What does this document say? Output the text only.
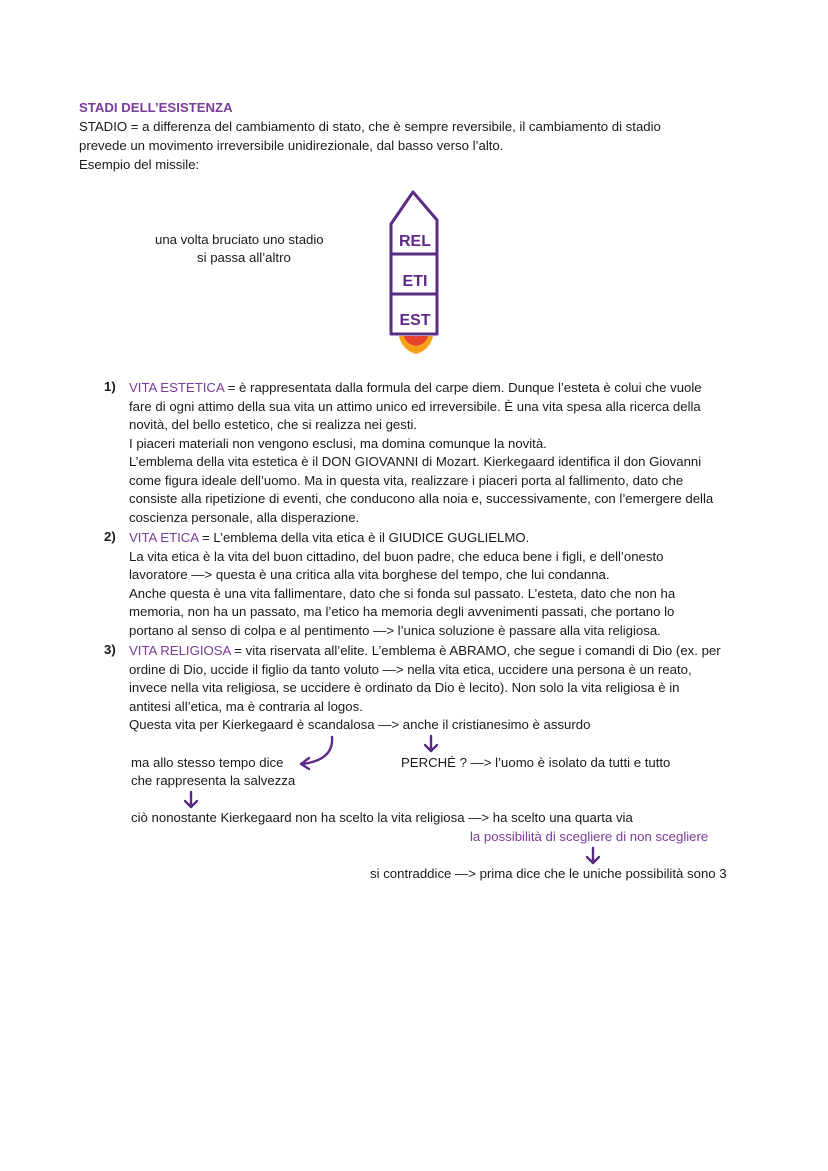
STADI DELL’ESISTENZA
STADIO = a differenza del cambiamento di stato, che è sempre reversibile, il cambiamento di stadio
prevede un movimento irreversibile unidirezionale, dal basso verso l’alto.
Esempio del missile:
una volta bruciato uno stadio
si passa all’altro
REL
ETI
EST
1) VITA ESTETICA = è rappresentata dalla formula del carpe diem. Dunque l’esteta è colui che vuole

fare di ogni attimo della sua vita un attimo unico ed irreversibile. È una vita spesa alla ricerca della

novità, del bello estetico, che si realizza nei gesti.

I piaceri materiali non vengono esclusi, ma domina comunque la novità.

L’emblema della vita estetica è il DON GIOVANNI di Mozart. Kierkegaard identifica il don Giovanni

come figura ideale dell’uomo. Ma in questa vita, realizzare i piaceri porta al fallimento, dato che

consiste alla ripetizione di eventi, che conducono alla noia e, successivamente, con l’emergere della

coscienza personale, alla disperazione.

2) VITA ETICA = L’emblema della vita etica è il GIUDICE GUGLIELMO.

La vita etica è la vita del buon cittadino, del buon padre, che educa bene i figli, e dell’onesto

lavoratore —> questa è una critica alla vita borghese del tempo, che lui condanna.

Anche questa è una vita fallimentare, dato che si fonda sul passato. L’esteta, dato che non ha

memoria, non ha un passato, ma l’etico ha memoria degli avvenimenti passati, che portano lo

portano al senso di colpa e al pentimento —> l’unica soluzione è passare alla vita religiosa.

3) VITA RELIGIOSA = vita riservata all’elite. L’emblema è ABRAMO, che segue i comandi di Dio (ex. per

ordine di Dio, uccide il figlio da tanto voluto —> nella vita etica, uccidere una persona è un reato,

invece nella vita religiosa, se uccidere è ordinato da Dio è lecito). Non solo la vita religiosa è in

antitesi all’etica, ma è contraria al logos.

Questa vita per Kierkegaard è scandalosa —> anche il cristianesimo è assurdo

ma allo stesso tempo dice
che rappresenta la salvezza
PERCHÉ ? —> l’uomo è isolato da tutti e tutto
ciò nonostante Kierkegaard non ha scelto la vita religiosa —> ha scelto una quarta via
la possibilità di scegliere di non scegliere
si contraddice —> prima dice che le uniche possibilità sono 3
